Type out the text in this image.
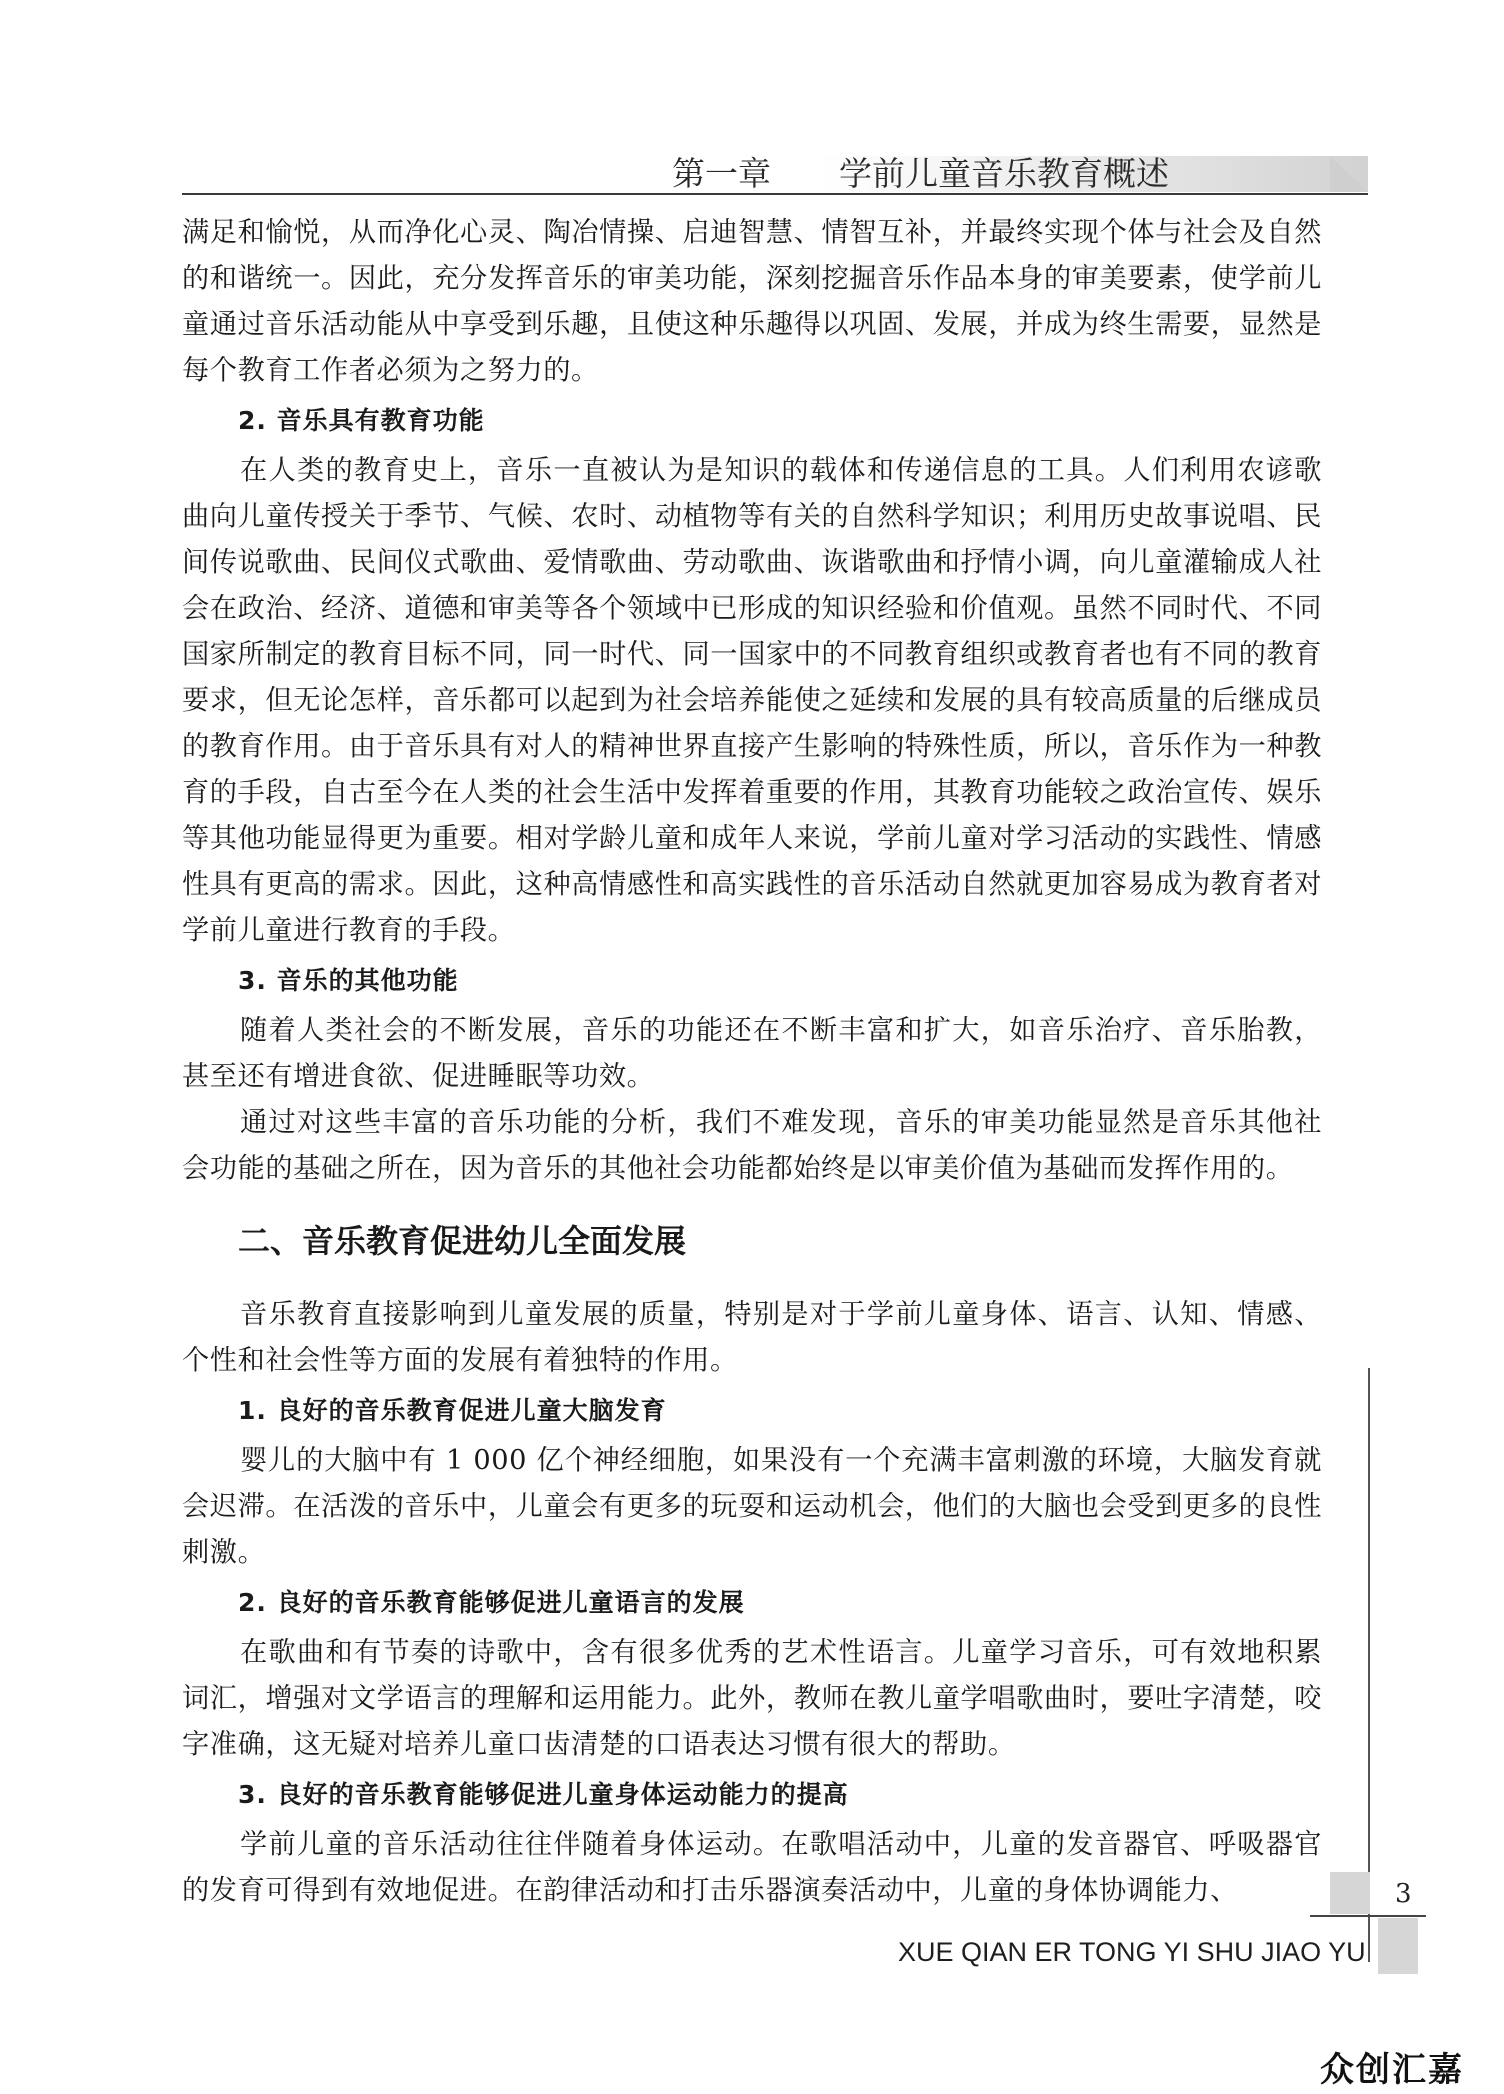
第一章 学前儿童音乐教育概述

满足和愉悦，从而净化心灵、陶冶情操、启迪智慧、情智互补，并最终实现个体与社会及自然的和谐统一。因此，充分发挥音乐的审美功能，深刻挖掘音乐作品本身的审美要素，使学前儿童通过音乐活动能从中享受到乐趣，且使这种乐趣得以巩固、发展，并成为终生需要，显然是每个教育工作者必须为之努力的。

2. 音乐具有教育功能

在人类的教育史上，音乐一直被认为是知识的载体和传递信息的工具。人们利用农谚歌曲向儿童传授关于季节、气候、农时、动植物等有关的自然科学知识；利用历史故事说唱、民间传说歌曲、民间仪式歌曲、爱情歌曲、劳动歌曲、诙谐歌曲和抒情小调，向儿童灌输成人社会在政治、经济、道德和审美等各个领域中已形成的知识经验和价值观。虽然不同时代、不同国家所制定的教育目标不同，同一时代、同一国家中的不同教育组织或教育者也有不同的教育要求，但无论怎样，音乐都可以起到为社会培养能使之延续和发展的具有较高质量的后继成员的教育作用。由于音乐具有对人的精神世界直接产生影响的特殊性质，所以，音乐作为一种教育的手段，自古至今在人类的社会生活中发挥着重要的作用，其教育功能较之政治宣传、娱乐等其他功能显得更为重要。相对学龄儿童和成年人来说，学前儿童对学习活动的实践性、情感性具有更高的需求。因此，这种高情感性和高实践性的音乐活动自然就更加容易成为教育者对学前儿童进行教育的手段。

3. 音乐的其他功能

随着人类社会的不断发展，音乐的功能还在不断丰富和扩大，如音乐治疗、音乐胎教，甚至还有增进食欲、促进睡眠等功效。

通过对这些丰富的音乐功能的分析，我们不难发现，音乐的审美功能显然是音乐其他社会功能的基础之所在，因为音乐的其他社会功能都始终是以审美价值为基础而发挥作用的。

二、音乐教育促进幼儿全面发展

音乐教育直接影响到儿童发展的质量，特别是对于学前儿童身体、语言、认知、情感、个性和社会性等方面的发展有着独特的作用。

1. 良好的音乐教育促进儿童大脑发育

婴儿的大脑中有 1 000 亿个神经细胞，如果没有一个充满丰富刺激的环境，大脑发育就会迟滞。在活泼的音乐中，儿童会有更多的玩耍和运动机会，他们的大脑也会受到更多的良性刺激。

2. 良好的音乐教育能够促进儿童语言的发展

在歌曲和有节奏的诗歌中，含有很多优秀的艺术性语言。儿童学习音乐，可有效地积累词汇，增强对文学语言的理解和运用能力。此外，教师在教儿童学唱歌曲时，要吐字清楚，咬字准确，这无疑对培养儿童口齿清楚的口语表达习惯有很大的帮助。

3. 良好的音乐教育能够促进儿童身体运动能力的提高

学前儿童的音乐活动往往伴随着身体运动。在歌唱活动中，儿童的发音器官、呼吸器官的发育可得到有效地促进。在韵律活动和打击乐器演奏活动中，儿童的身体协调能力、	3
XUE QIAN ER TONG YI SHU JIAO YU
众创汇嘉
